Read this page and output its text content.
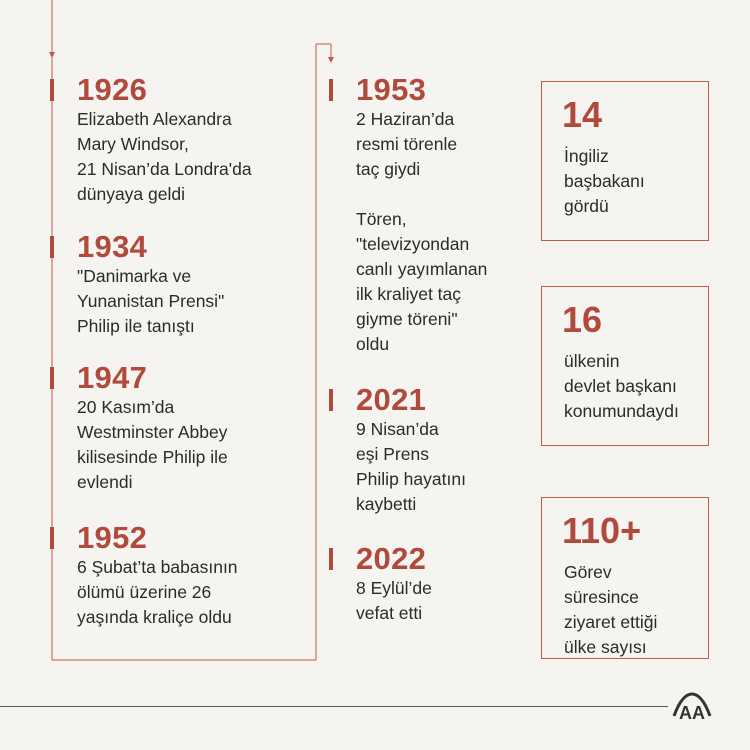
1926
Elizabeth Alexandra
Mary Windsor,
21 Nisan’da Londra'da
dünyaya geldi
1934
"Danimarka ve
Yunanistan Prensi"
Philip ile tanıştı
1947
20 Kasım’da
Westminster Abbey
kilisesinde Philip ile
evlendi
1952
6 Şubat’ta babasının
ölümü üzerine 26
yaşında kraliçe oldu
1953
2 Haziran’da
resmi törenle
taç giydi

Tören,
"televizyondan
canlı yayımlanan
ilk kraliyet taç
giyme töreni"
oldu
2021
9 Nisan’da
eşi Prens
Philip hayatını
kaybetti
2022
8 Eylül’de
vefat etti
14
İngiliz
başbakanı
gördü
16
ülkenin
devlet başkanı
konumundaydı
110+
Görev
süresince
ziyaret ettiği
ülke sayısı
AA
